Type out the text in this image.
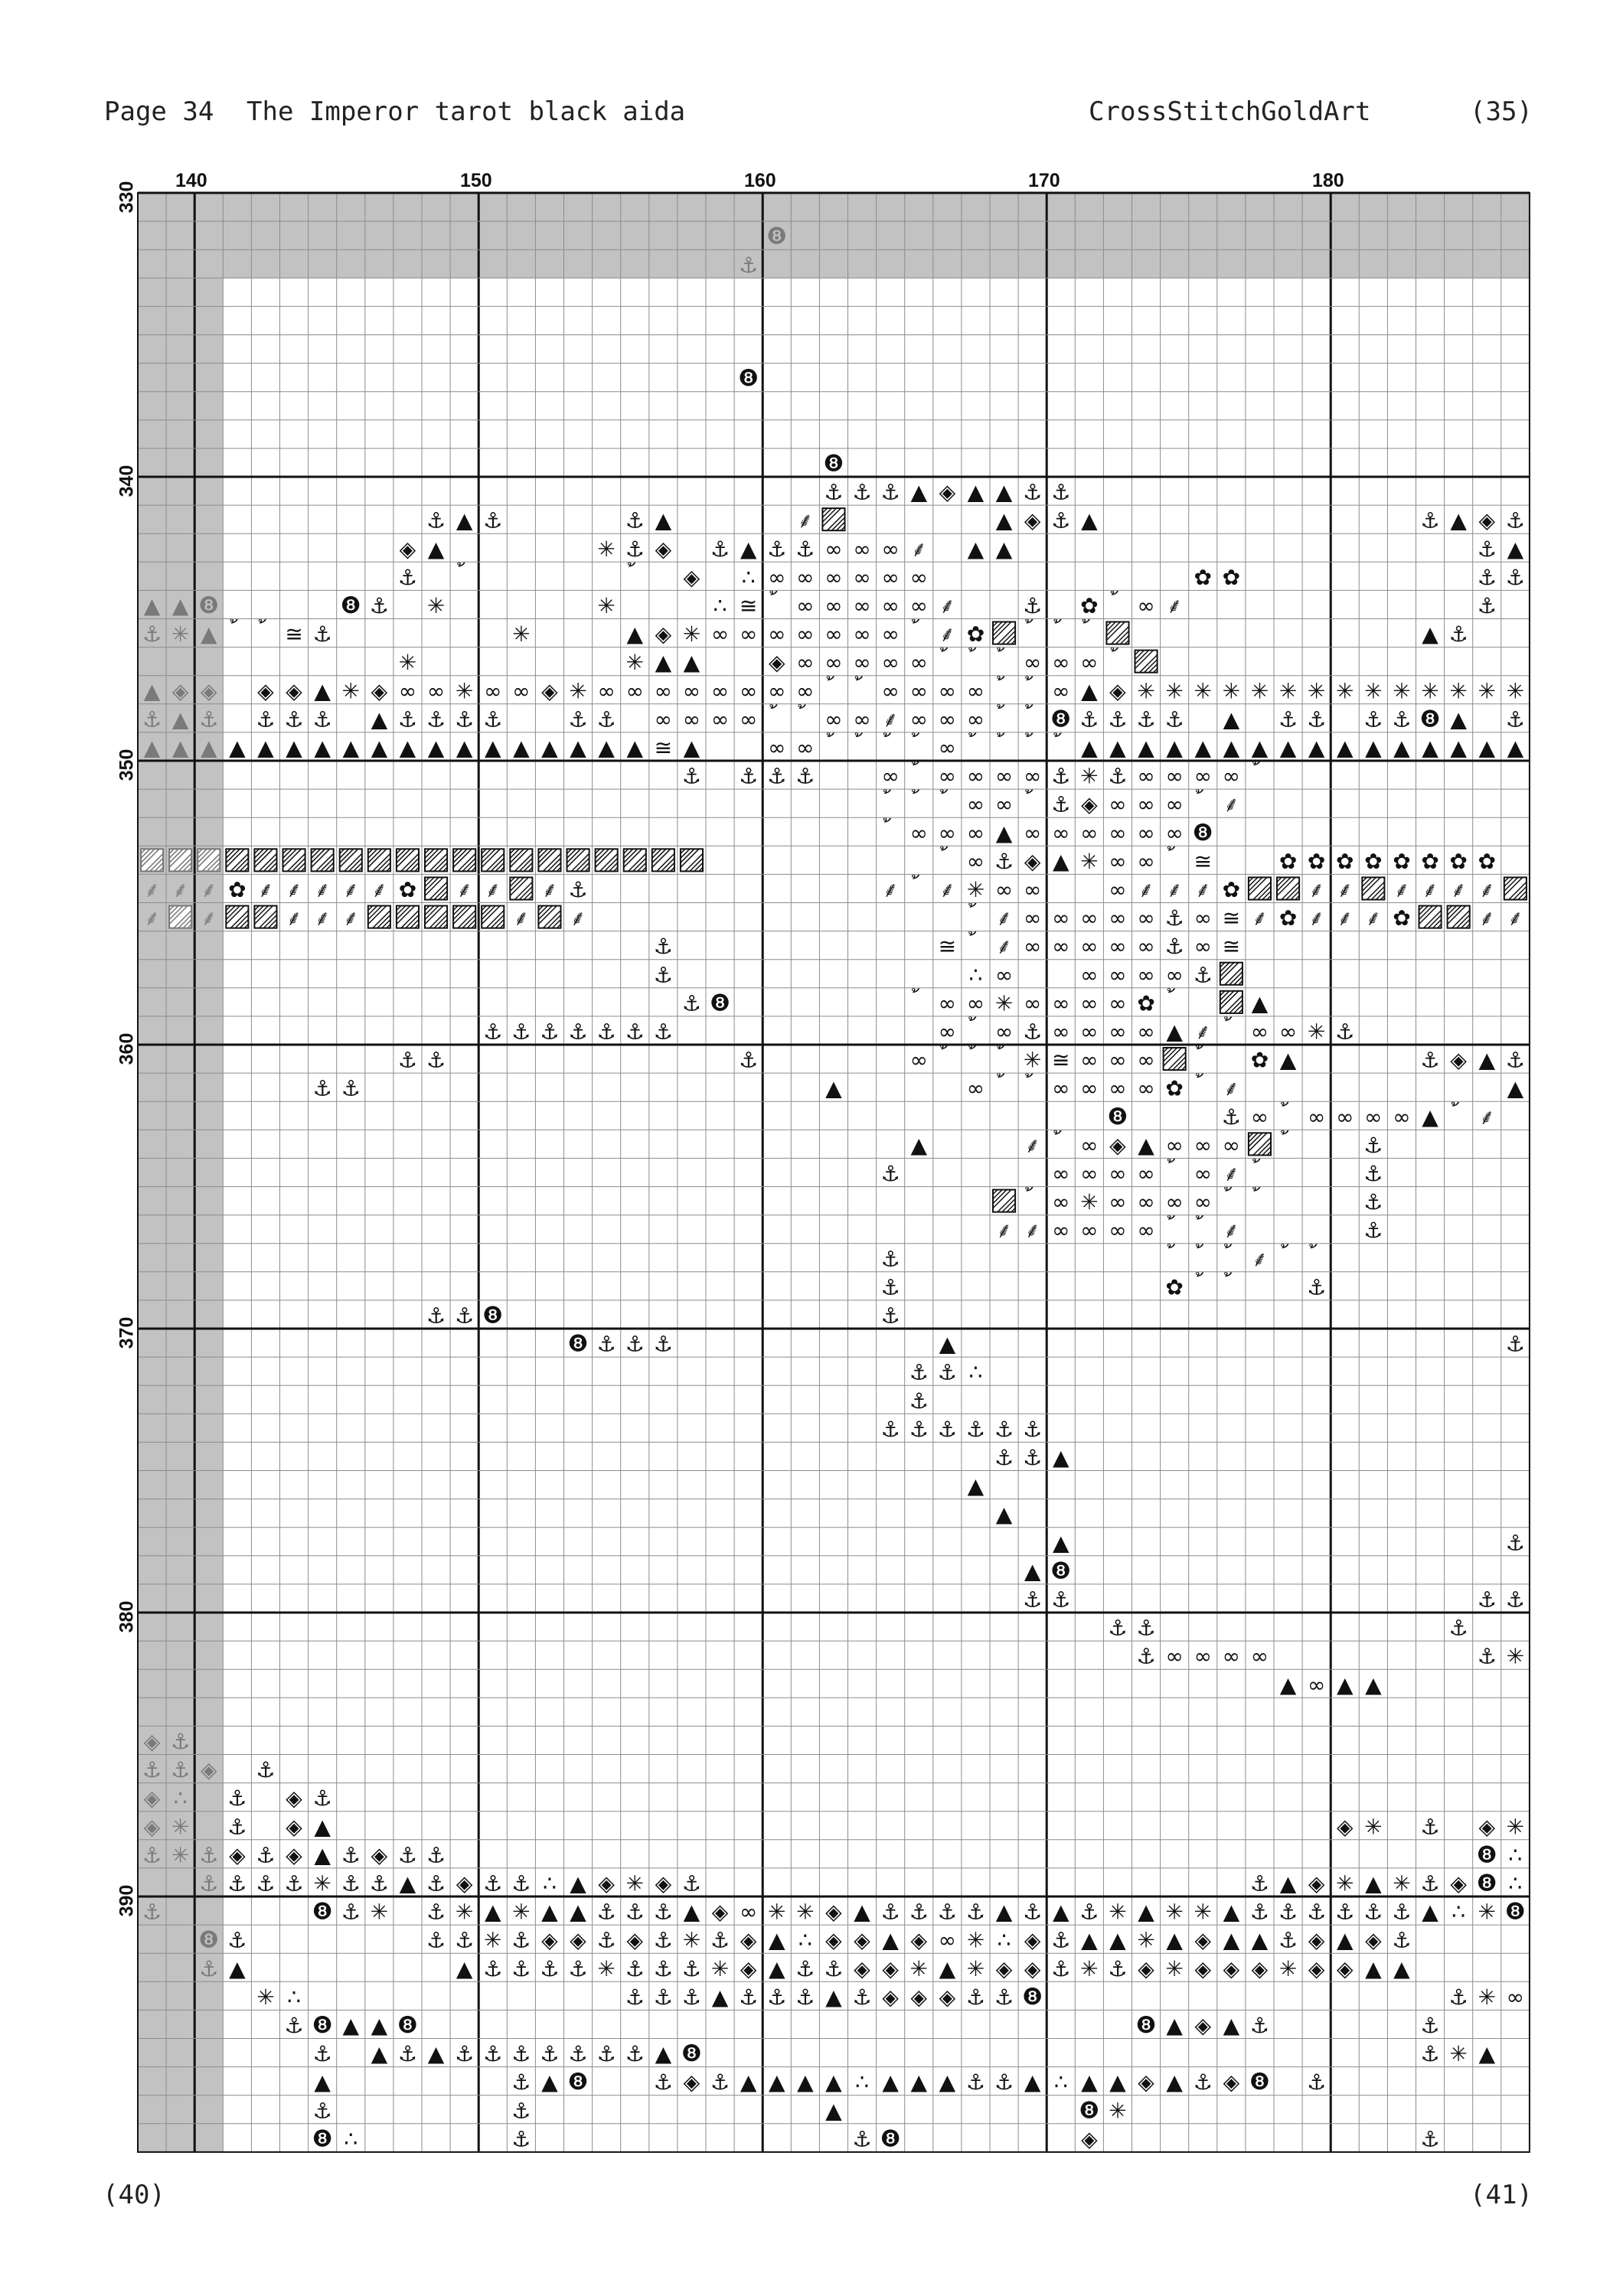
Page 34 The Imperor tarot black aida	CrossStitchGoldArt	(35)
140	150	160	170	180
330
340
350
360
370
380
390
❽
⚓
❽
❽
⚓ ⚓ ⚓ ▲ ◈ ▲ ▲ ⚓ ⚓
⚓ ▲ ⚓	⚓ ▲	⸙	▲ ◈ ⚓ ▲	⚓ ▲ ◈ ⚓
◈ ▲	✳ ⚓ ◈ ⚓ ▲ ⚓ ⚓ ∞ ∞ ∞ ⸙ ▲ ▲	⚓ ▲
⚓	◈ ∴ ∞ ∞ ∞ ∞ ∞ ∞	✿ ✿	⚓ ⚓
▲ ▲ ❽	❽ ⚓ ✳	✳	∴ ≅ ∞ ∞ ∞ ∞ ∞ ⸙	⚓ ✿ ∞ ⸙	⚓
⚓ ✳ ▲	≅ ⚓	✳	▲ ◈ ✳ ∞ ∞ ∞ ∞ ∞ ∞ ∞ ⸙ ✿	▲ ⚓
✳	✳ ▲ ▲	◈ ∞ ∞ ∞ ∞ ∞	∞ ∞ ∞
▲ ◈ ◈ ◈ ◈ ▲ ✳ ◈ ∞ ∞ ✳ ∞ ∞ ◈ ✳ ∞ ∞ ∞ ∞ ∞ ∞ ∞ ∞	∞ ∞ ∞ ∞	∞ ▲ ◈ ✳ ✳ ✳ ✳ ✳ ✳ ✳ ✳ ✳ ✳ ✳ ✳ ✳ ✳
⚓ ▲ ⚓ ⚓ ⚓ ⚓ ▲ ⚓ ⚓ ⚓ ⚓	⚓ ⚓ ∞ ∞ ∞ ∞	∞ ∞ ⸙ ∞ ∞ ∞	❽ ⚓ ⚓ ⚓ ⚓ ▲ ⚓ ⚓ ⚓ ⚓ ❽ ▲ ⚓
▲ ▲ ▲ ▲ ▲ ▲ ▲ ▲ ▲ ▲ ▲ ▲ ▲ ▲ ▲ ▲ ▲ ▲ ≅ ▲	∞ ∞	∞	▲ ▲ ▲ ▲ ▲ ▲ ▲ ▲ ▲ ▲ ▲ ▲ ▲ ▲ ▲ ▲
⚓ ⚓ ⚓ ⚓	∞ ∞ ∞ ∞ ∞ ⚓ ✳ ⚓ ∞ ∞ ∞ ∞
∞ ∞ ⚓ ◈ ∞ ∞ ∞ ⸙
∞ ∞ ∞ ▲ ∞ ∞ ∞ ∞ ∞ ∞ ❽
∞ ⚓ ◈ ▲ ✳ ∞ ∞ ≅	✿ ✿ ✿ ✿ ✿ ✿ ✿ ✿
⸙ ⸙ ⸙ ✿ ⸙ ⸙ ⸙ ⸙ ⸙ ✿ ⸙ ⸙ ⸙ ⚓	⸙ ⸙ ✳ ∞ ∞	∞ ⸙ ⸙ ⸙ ✿	⸙ ⸙ ⸙ ⸙ ⸙ ⸙
⸙ ⸙	⸙ ⸙ ⸙	⸙ ⸙	⸙ ∞ ∞ ∞ ∞ ∞ ⚓ ∞ ≅ ⸙ ✿ ⸙ ⸙ ⸙ ✿	⸙ ⸙
⚓	≅ ⸙ ∞ ∞ ∞ ∞ ∞ ⚓ ∞ ≅
⚓	∴ ∞	∞ ∞ ∞ ∞ ⚓
⚓ ❽	∞ ∞ ✳ ∞ ∞ ∞ ∞ ✿	▲
⚓ ⚓ ⚓ ⚓ ⚓ ⚓ ⚓	∞ ∞ ⚓ ∞ ∞ ∞ ∞ ▲ ⸙ ∞ ∞ ✳ ⚓
⚓ ⚓	⚓	∞	✳ ≅ ∞ ∞ ∞	✿ ▲	⚓ ◈ ▲ ⚓
⚓ ⚓	▲	∞	∞ ∞ ∞ ∞ ✿ ⸙	▲
❽	⚓ ∞ ∞ ∞ ∞ ∞ ▲ ⸙
▲	⸙ ∞ ◈ ▲ ∞ ∞ ∞	⚓
⚓	∞ ∞ ∞ ∞ ∞ ⸙	⚓
∞ ✳ ∞ ∞ ∞ ∞	⚓
⸙ ⸙ ∞ ∞ ∞ ∞	⸙	⚓
⚓	⸙
⚓	✿	⚓
⚓ ⚓ ❽	⚓
❽ ⚓ ⚓ ⚓	▲	⚓
⚓ ⚓ ∴
⚓
⚓ ⚓ ⚓ ⚓ ⚓ ⚓
⚓ ⚓ ▲
▲
▲
▲	⚓
▲ ❽
⚓ ⚓	⚓ ⚓
⚓ ⚓	⚓
⚓ ∞ ∞ ∞ ∞	⚓ ✳
▲ ∞ ▲ ▲
◈ ⚓
⚓ ⚓ ◈ ⚓
◈ ∴ ⚓ ◈ ⚓
◈ ✳ ⚓ ◈ ▲	◈ ✳ ⚓ ◈ ✳
⚓ ✳ ⚓ ◈ ⚓ ◈ ▲ ⚓ ◈ ⚓ ⚓	❽ ∴
⚓ ⚓ ⚓ ⚓ ✳ ⚓ ⚓ ▲ ⚓ ◈ ⚓ ⚓ ∴ ▲ ◈ ✳ ◈ ⚓	⚓ ▲ ◈ ✳ ▲ ✳ ⚓ ◈ ❽ ∴
⚓	❽ ⚓ ✳ ⚓ ✳ ▲ ✳ ▲ ▲ ⚓ ⚓ ⚓ ▲ ◈ ∞ ✳ ✳ ◈ ▲ ⚓ ⚓ ⚓ ⚓ ▲ ⚓ ▲ ⚓ ✳ ▲ ✳ ✳ ▲ ⚓ ⚓ ⚓ ⚓ ⚓ ⚓ ▲ ∴ ✳ ❽
❽ ⚓	⚓ ⚓ ✳ ⚓ ◈ ◈ ⚓ ◈ ⚓ ✳ ⚓ ◈ ▲ ∴ ◈ ◈ ▲ ◈ ∞ ✳ ∴ ◈ ⚓ ▲ ▲ ✳ ▲ ◈ ▲ ▲ ⚓ ◈ ▲ ◈ ⚓
⚓ ▲	▲ ⚓ ⚓ ⚓ ⚓ ✳ ⚓ ⚓ ⚓ ✳ ◈ ▲ ⚓ ⚓ ◈ ◈ ✳ ▲ ✳ ◈ ◈ ⚓ ✳ ⚓ ◈ ✳ ◈ ◈ ◈ ✳ ◈ ◈ ▲ ▲
✳ ∴	⚓ ⚓ ⚓ ▲ ⚓ ⚓ ⚓ ▲ ⚓ ◈ ◈ ◈ ⚓ ⚓ ❽	⚓ ✳ ∞
⚓ ❽ ▲ ▲ ❽	❽ ▲ ◈ ▲ ⚓	⚓
⚓ ▲ ⚓ ▲ ⚓ ⚓ ⚓ ⚓ ⚓ ⚓ ⚓ ▲ ❽	⚓ ✳ ▲
▲	⚓ ▲ ❽	⚓ ◈ ⚓ ▲ ▲ ▲ ▲ ∴ ▲ ▲ ▲ ⚓ ⚓ ▲ ∴ ▲ ▲ ◈ ▲ ⚓ ◈ ❽ ⚓
⚓	⚓	▲	❽ ✳
❽ ∴	⚓	⚓ ❽	◈	⚓
(40)	(41)
